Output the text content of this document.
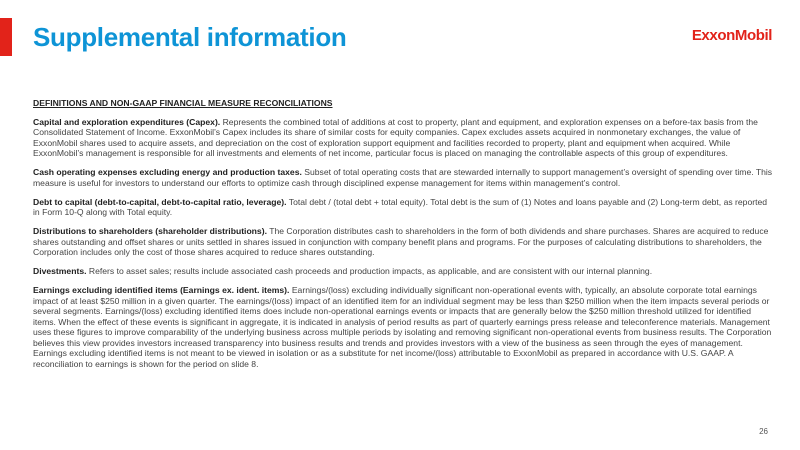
Supplemental information	ExxonMobil
DEFINITIONS AND NON-GAAP FINANCIAL MEASURE RECONCILIATIONS

Capital and exploration expenditures (Capex). Represents the combined total of additions at cost to property, plant and equipment, and exploration expenses on a before-tax basis from the Consolidated Statement of Income. ExxonMobil’s Capex includes its share of similar costs for equity companies. Capex excludes assets acquired in nonmonetary exchanges, the value of ExxonMobil shares used to acquire assets, and depreciation on the cost of exploration support equipment and facilities recorded to property, plant and equipment when acquired. While ExxonMobil’s management is responsible for all investments and elements of net income, particular focus is placed on managing the controllable aspects of this group of expenditures.

Cash operating expenses excluding energy and production taxes. Subset of total operating costs that are stewarded internally to support management’s oversight of spending over time. This measure is useful for investors to understand our efforts to optimize cash through disciplined expense management for items within management’s control.

Debt to capital (debt-to-capital, debt-to-capital ratio, leverage). Total debt / (total debt + total equity). Total debt is the sum of (1) Notes and loans payable and (2) Long-term debt, as reported in Form 10-Q along with Total equity.

Distributions to shareholders (shareholder distributions). The Corporation distributes cash to shareholders in the form of both dividends and share purchases. Shares are acquired to reduce shares outstanding and offset shares or units settled in shares issued in conjunction with company benefit plans and programs. For the purposes of calculating distributions to shareholders, the Corporation includes only the cost of those shares acquired to reduce shares outstanding.

Divestments. Refers to asset sales; results include associated cash proceeds and production impacts, as applicable, and are consistent with our internal planning.

Earnings excluding identified items (Earnings ex. ident. items). Earnings/(loss) excluding individually significant non-operational events with, typically, an absolute corporate total earnings impact of at least $250 million in a given quarter. The earnings/(loss) impact of an identified item for an individual segment may be less than $250 million when the item impacts several periods or several segments. Earnings/(loss) excluding identified items does include non-operational earnings events or impacts that are generally below the $250 million threshold utilized for identified items. When the effect of these events is significant in aggregate, it is indicated in analysis of period results as part of quarterly earnings press release and teleconference materials. Management uses these figures to improve comparability of the underlying business across multiple periods by isolating and removing significant non-operational events from business results. The Corporation believes this view provides investors increased transparency into business results and trends and provides investors with a view of the business as seen through the eyes of management. Earnings excluding identified items is not meant to be viewed in isolation or as a substitute for net income/(loss) attributable to ExxonMobil as prepared in accordance with U.S. GAAP. A reconciliation to earnings is shown for the period on slide 8.

26
